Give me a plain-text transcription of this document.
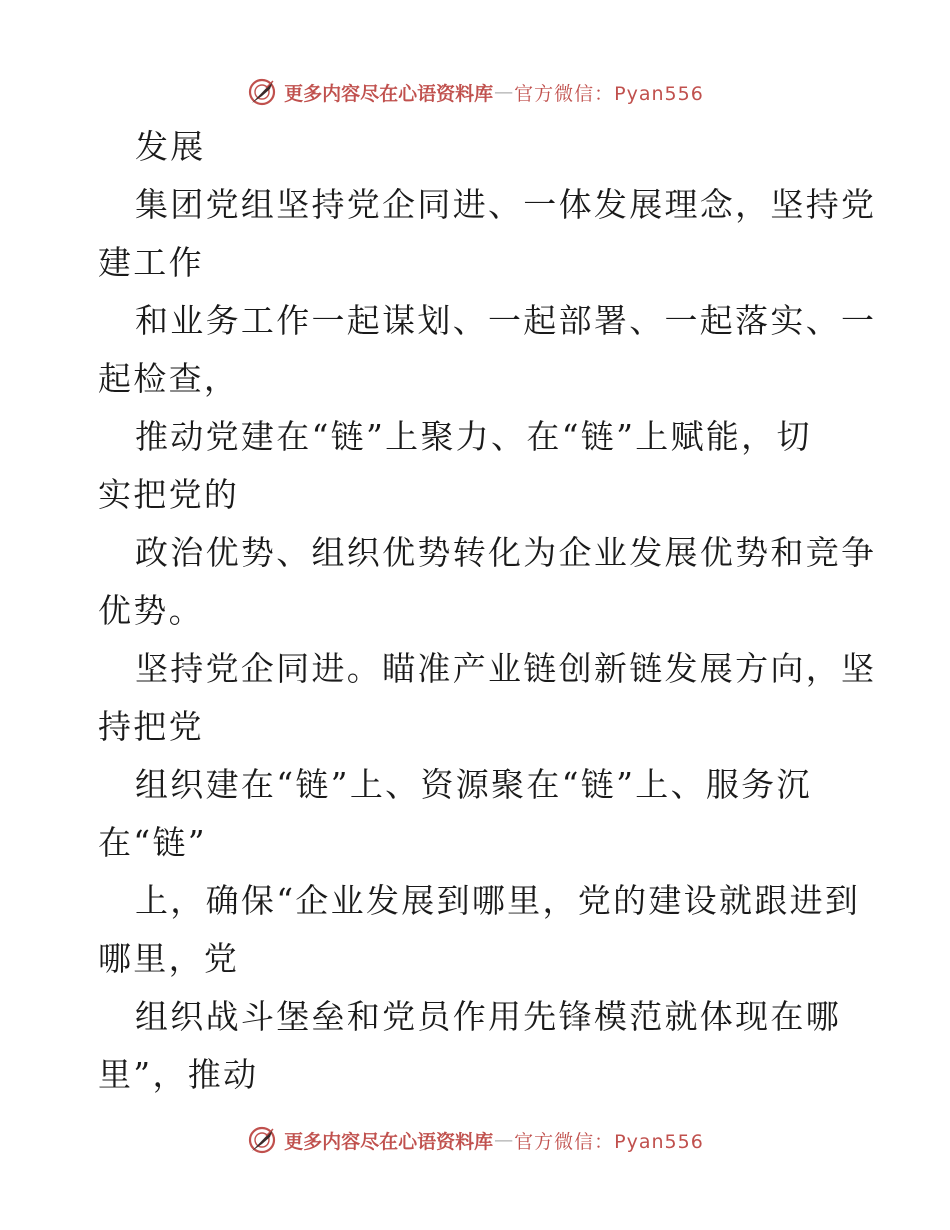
更多内容尽在心语资料库 — 官方微信：Pyan556
发展
集团党组坚持党企同进、一体发展理念，坚持党
建工作
和业务工作一起谋划、一起部署、一起落实、一
起检查，
推动党建在“链”上聚力、在“链”上赋能，切
实把党的
政治优势、组织优势转化为企业发展优势和竞争
优势。
坚持党企同进。瞄准产业链创新链发展方向，坚
持把党
组织建在“链”上、资源聚在“链”上、服务沉
在“链”
上，确保“企业发展到哪里，党的建设就跟进到
哪里，党
组织战斗堡垒和党员作用先锋模范就体现在哪
里”，推动
更多内容尽在心语资料库 — 官方微信：Pyan556
